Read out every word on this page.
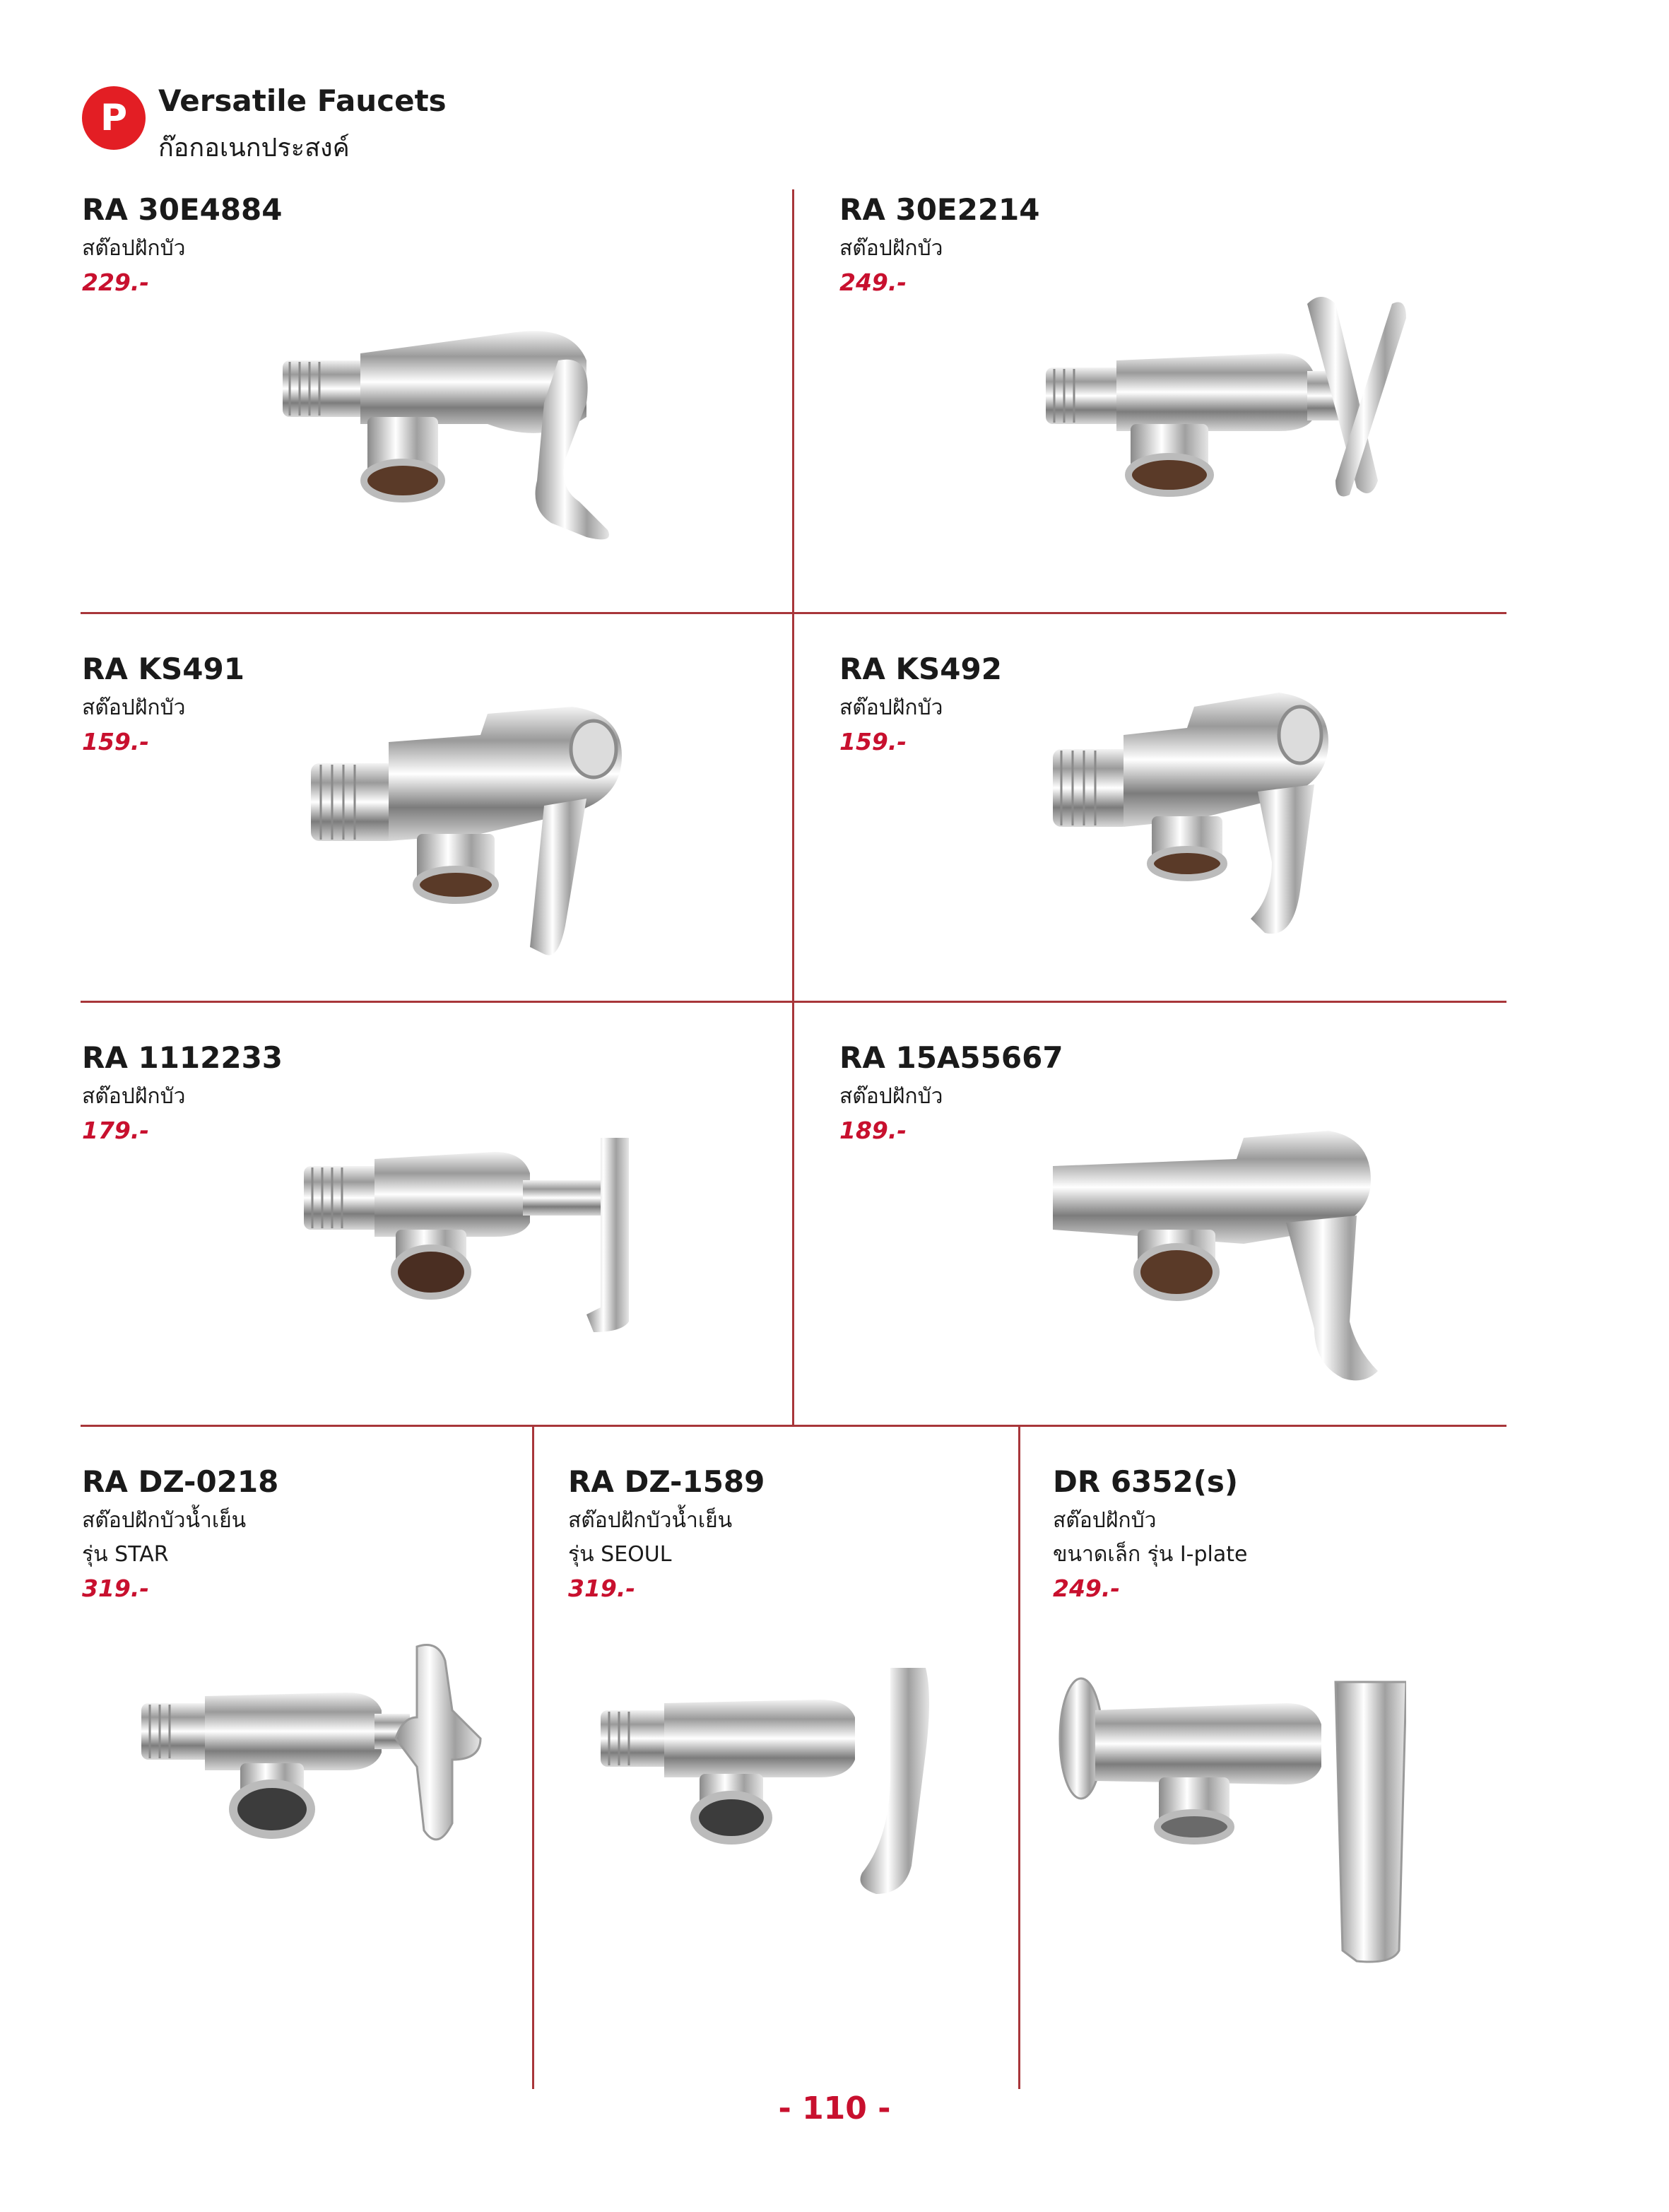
P	Versatile Faucets
ก๊อกอเนกประสงค์

RA 30E4884

สต๊อปฝักบัว

229.-

RA 30E2214

สต๊อปฝักบัว

249.-

RA KS491

สต๊อปฝักบัว

159.-

RA KS492

สต๊อปฝักบัว

159.-

RA 1112233

สต๊อปฝักบัว

179.-

RA 15A55667

สต๊อปฝักบัว

189.-

RA DZ-0218

สต๊อปฝักบัวน้ำเย็น

รุ่น STAR

319.-

RA DZ-1589

สต๊อปฝักบัวน้ำเย็น

รุ่น SEOUL

319.-

DR 6352(s)

สต๊อปฝักบัว

ขนาดเล็ก รุ่น I-plate

249.-

- 110 -
